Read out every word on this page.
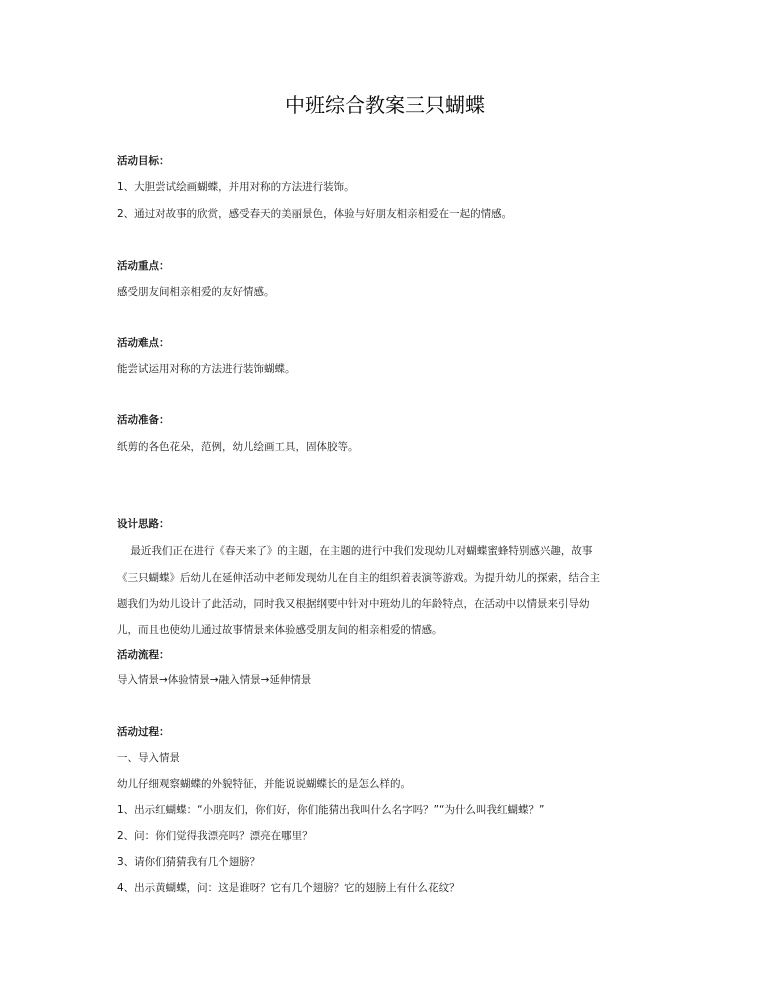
中班综合教案三只蝴蝶
活动目标：
1、大胆尝试绘画蝴蝶，并用对称的方法进行装饰。
2、通过对故事的欣赏，感受春天的美丽景色，体验与好朋友相亲相爱在一起的情感。
活动重点：
感受朋友间相亲相爱的友好情感。
活动难点：
能尝试运用对称的方法进行装饰蝴蝶。
活动准备：
纸剪的各色花朵，范例，幼儿绘画工具，固体胶等。
设计思路：
最近我们正在进行《春天来了》的主题，在主题的进行中我们发现幼儿对蝴蝶蜜蜂特别感兴趣，故事
《三只蝴蝶》后幼儿在延伸活动中老师发现幼儿在自主的组织着表演等游戏。为提升幼儿的探索，结合主
题我们为幼儿设计了此活动，同时我又根据纲要中针对中班幼儿的年龄特点，在活动中以情景来引导幼
儿，而且也使幼儿通过故事情景来体验感受朋友间的相亲相爱的情感。
活动流程：
导入情景→体验情景→融入情景→延伸情景
活动过程：
一、导入情景
幼儿仔细观察蝴蝶的外貌特征，并能说说蝴蝶长的是怎么样的。
1、出示红蝴蝶：“小朋友们，你们好，你们能猜出我叫什么名字吗？”“为什么叫我红蝴蝶？”
2、问：你们觉得我漂亮吗？漂亮在哪里？
3、请你们猜猜我有几个翅膀？
4、出示黄蝴蝶，问：这是谁呀？它有几个翅膀？它的翅膀上有什么花纹？
